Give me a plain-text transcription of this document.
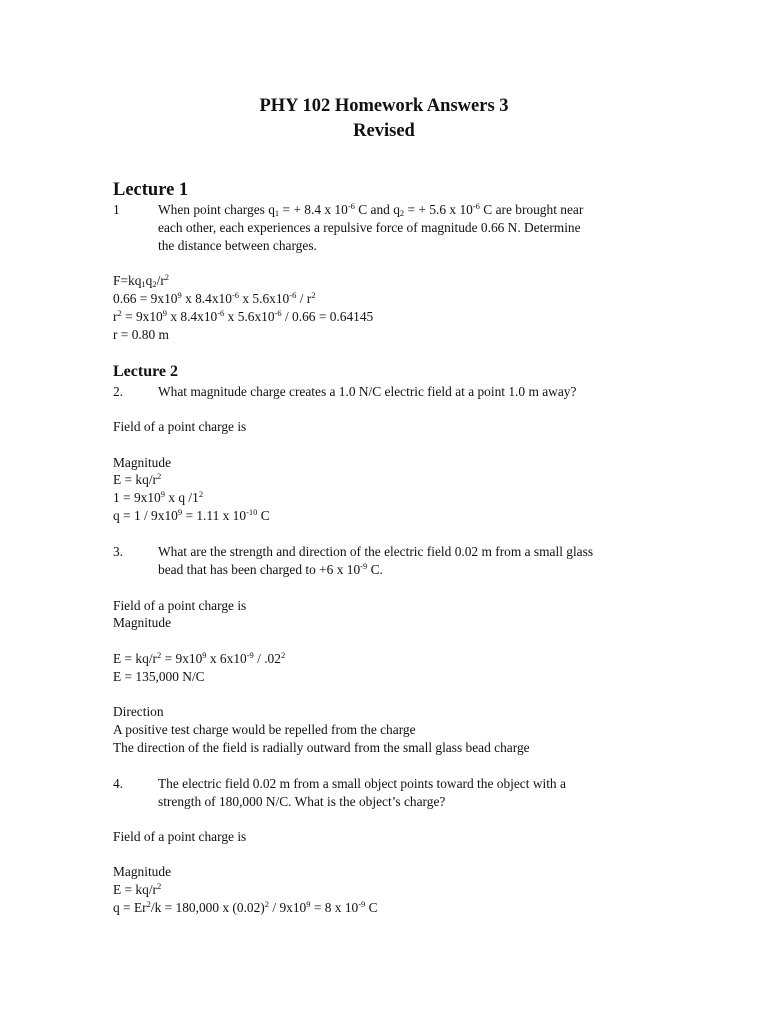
PHY 102 Homework Answers 3
Revised
Lecture 1
1	When point charges $q_1$ = + 8.4 x $10^{-6}$ C and $q_2$ = + 5.6 x $10^{-6}$ C are brought near
each other, each experiences a repulsive force of magnitude 0.66 N. Determine
the distance between charges.
$F=kq_1q_2/r^2$
$0.66 = 9x10^9$ x $8.4x10^{-6}$ x $5.6x10^{-6} / r^2$
$r^2 = 9x10^9$ x $8.4x10^{-6}$ x $5.6x10^{-6} / 0.66 = 0.64145$
r = 0.80 m
Lecture 2
2.	What magnitude charge creates a 1.0 N/C electric field at a point 1.0 m away?
Field of a point charge is
Magnitude
$E = kq/r^2$
$1 = 9x10^9$ x q $/1^2$
$q = 1 / 9x10^9 = 1.11$ x $10^{-10}$ C
3.	What are the strength and direction of the electric field 0.02 m from a small glass
bead that has been charged to +6 x $10^{-9}$ C.
Field of a point charge is
Magnitude
$E = kq/r^2 = 9x10^9$ x $6x10^{-9} / .02^2$
E = 135,000 N/C
Direction
A positive test charge would be repelled from the charge
The direction of the field is radially outward from the small glass bead charge
4.	The electric field 0.02 m from a small object points toward the object with a
strength of 180,000 N/C. What is the object’s charge?
Field of a point charge is
Magnitude
$E = kq/r^2$
$q = Er^2/k = 180,000$ x $(0.02)^2 / 9x10^9 = 8$ x $10^{-9}$ C
